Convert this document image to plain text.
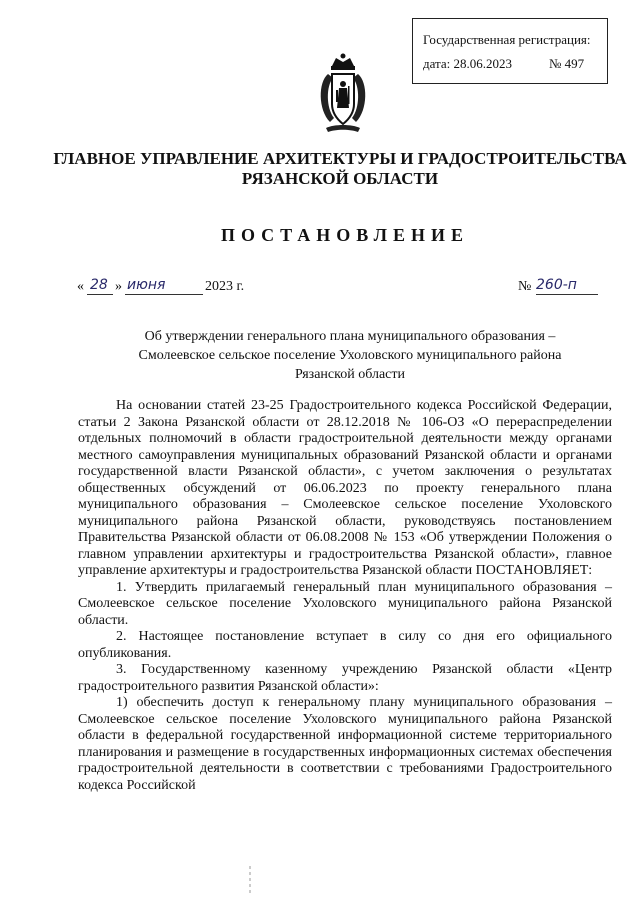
Государственная регистрация:
дата: 28.06.2023	№ 497
ГЛАВНОЕ УПРАВЛЕНИЕ АРХИТЕКТУРЫ И ГРАДОСТРОИТЕЛЬСТВА
РЯЗАНСКОЙ ОБЛАСТИ
ПОСТАНОВЛЕНИЕ
« 28 » июня	2023 г.	№ 260-п
Об утверждении генерального плана муниципального образования –
Смолеевское сельское поселение Ухоловского муниципального района
Рязанской области

На основании статей 23-25 Градостроительного кодекса Российской Федерации, статьи 2 Закона Рязанской области от 28.12.2018 № 106-ОЗ «О перераспределении отдельных полномочий в области градостроительной деятельности между органами местного самоуправления муниципальных образований Рязанской области и органами государственной власти Рязанской области», с учетом заключения о результатах общественных обсуждений от 06.06.2023 по проекту генерального плана муниципального образования – Смолеевское сельское поселение Ухоловского муниципального района Рязанской области, руководствуясь постановлением Правительства Рязанской области от 06.08.2008 № 153 «Об утверждении Положения о главном управлении архитектуры и градостроительства Рязанской области», главное управление архитектуры и градостроительства Рязанской области ПОСТАНОВЛЯЕТ:

1. Утвердить прилагаемый генеральный план муниципального образования – Смолеевское сельское поселение Ухоловского муниципального района Рязанской области.

2. Настоящее постановление вступает в силу со дня его официального опубликования.

3. Государственному казенному учреждению Рязанской области «Центр градостроительного развития Рязанской области»:

1) обеспечить доступ к генеральному плану муниципального образования – Смолеевское сельское поселение Ухоловского муниципального района Рязанской области в федеральной государственной информационной системе территориального планирования и размещение в государственных информационных системах обеспечения градостроительной деятельности в соответствии с требованиями Градостроительного кодекса Российской
